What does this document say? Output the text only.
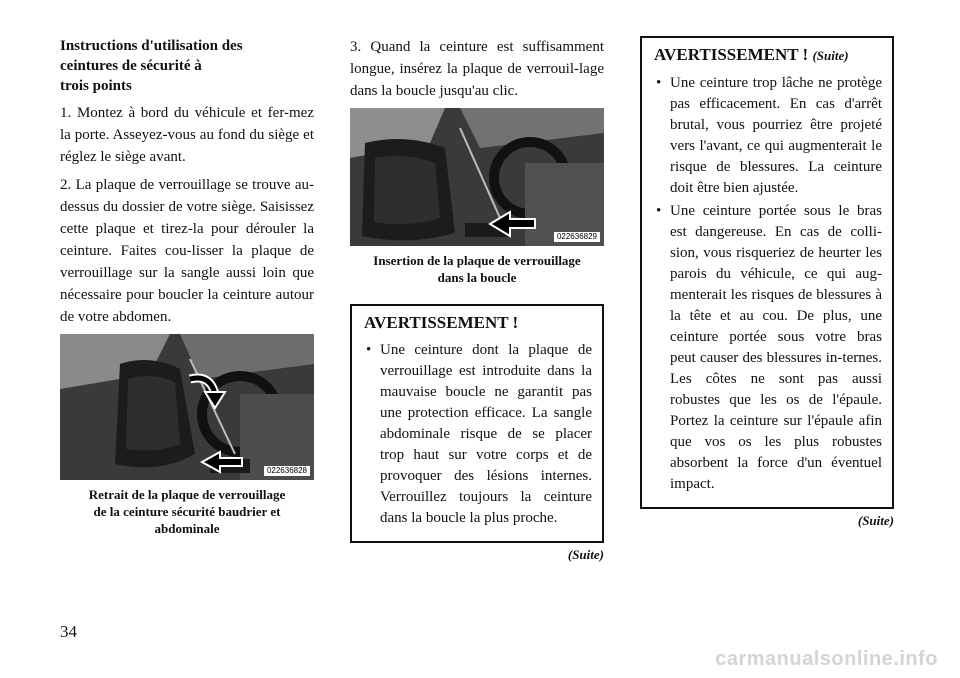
Instructions d'utilisation des
ceintures de sécurité à
trois points

1. Montez à bord du véhicule et fer-mez la porte. Asseyez-vous au fond du siège et réglez le siège avant.

2. La plaque de verrouillage se trouve au-dessus du dossier de votre siège. Saisissez cette plaque et tirez-la pour dérouler la ceinture. Faites cou-lisser la plaque de verrouillage sur la sangle aussi loin que nécessaire pour boucler la ceinture autour de votre abdomen.

022636828
Retrait de la plaque de verrouillage
de la ceinture sécurité baudrier et
abdominale

3. Quand la ceinture est suffisamment longue, insérez la plaque de verrouil-lage dans la boucle jusqu'au clic.

022636829
Insertion de la plaque de verrouillage
dans la boucle
AVERTISSEMENT !
• Une ceinture dont la plaque de verrouillage est introduite dans la mauvaise boucle ne garantit pas une protection efficace. La sangle abdominale risque de se placer trop haut sur votre corps et de provoquer des lésions internes. Verrouillez toujours la ceinture dans la boucle la plus proche.
(Suite)
AVERTISSEMENT ! (Suite)
• Une ceinture trop lâche ne protège pas efficacement. En cas d'arrêt brutal, vous pourriez être projeté vers l'avant, ce qui augmenterait le risque de blessures. La ceinture doit être bien ajustée.
• Une ceinture portée sous le bras est dangereuse. En cas de colli-sion, vous risqueriez de heurter les parois du véhicule, ce qui aug-menterait les risques de blessures à la tête et au cou. De plus, une ceinture portée sous votre bras peut causer des blessures in-ternes. Les côtes ne sont pas aussi robustes que les os de l'épaule. Portez la ceinture sur l'épaule afin que vos os les plus robustes absorbent la force d'un éventuel impact.
(Suite)
34
carmanualsonline.info
